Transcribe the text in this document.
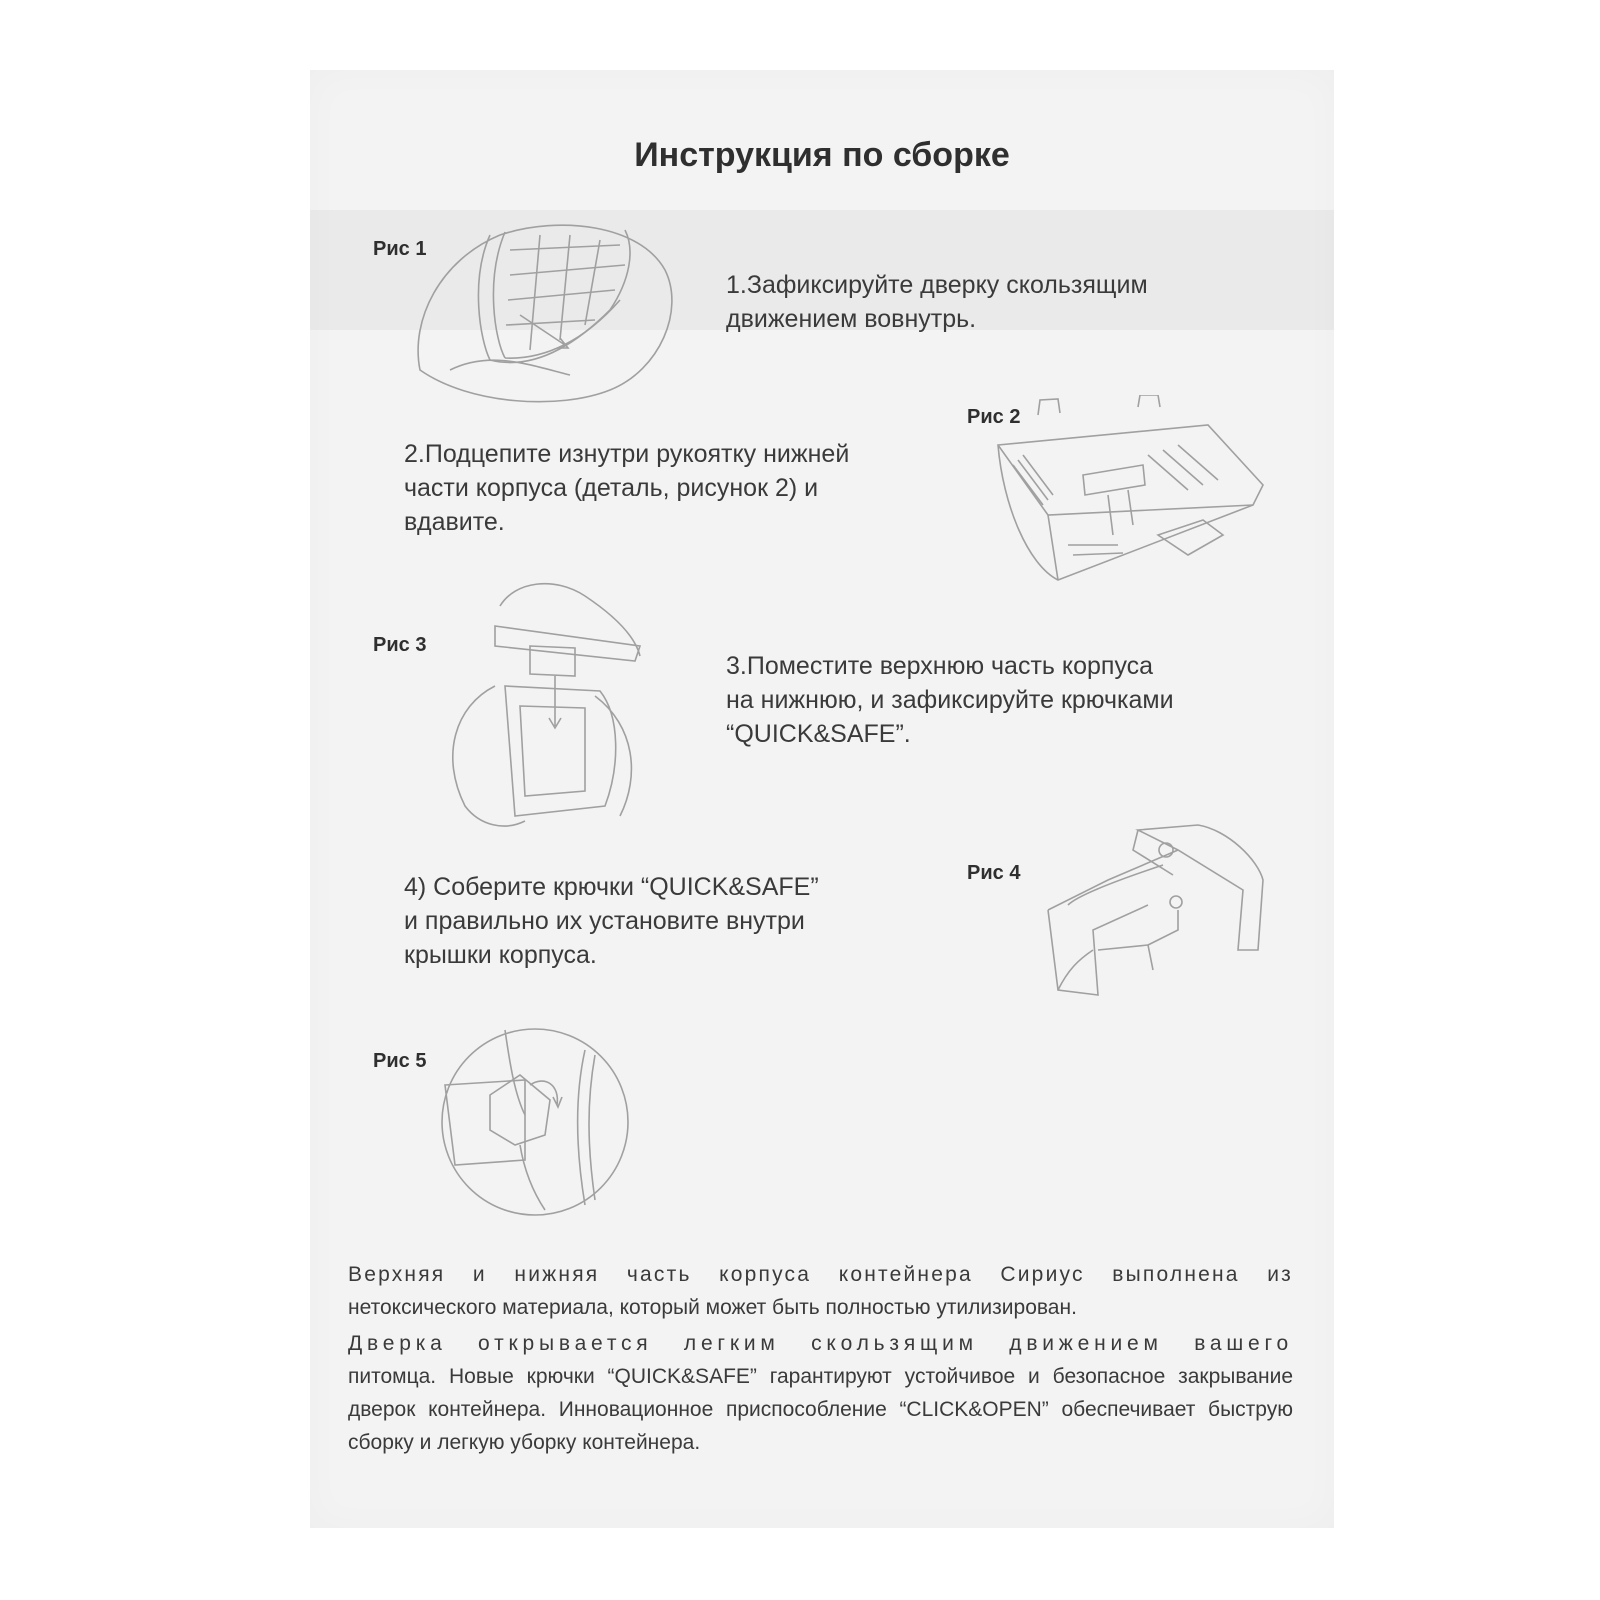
Инструкция по сборке
Рис 1
1.Зафиксируйте дверку скользящим
движением вовнутрь.
Рис 2
2.Подцепите изнутри рукоятку нижней
части корпуса (деталь, рисунок 2) и
вдавите.
Рис 3
3.Поместите верхнюю часть корпуса
на нижнюю, и зафиксируйте крючками
“QUICK&SAFE”.
Рис 4
4) Соберите крючки “QUICK&SAFE”
и правильно их установите внутри
крышки корпуса.
Рис 5
Верхняя и нижняя часть корпуса контейнера Сириус выполнена из
нетоксического материала, который может быть полностью утилизирован.
Дверка открывается легким скользящим движением вашего
питомца. Новые крючки “QUICK&SAFE” гарантируют устойчивое и безопасное закрывание дверок контейнера. Инновационное приспособление “CLICK&OPEN” обеспечивает быструю сборку и легкую уборку контейнера.
